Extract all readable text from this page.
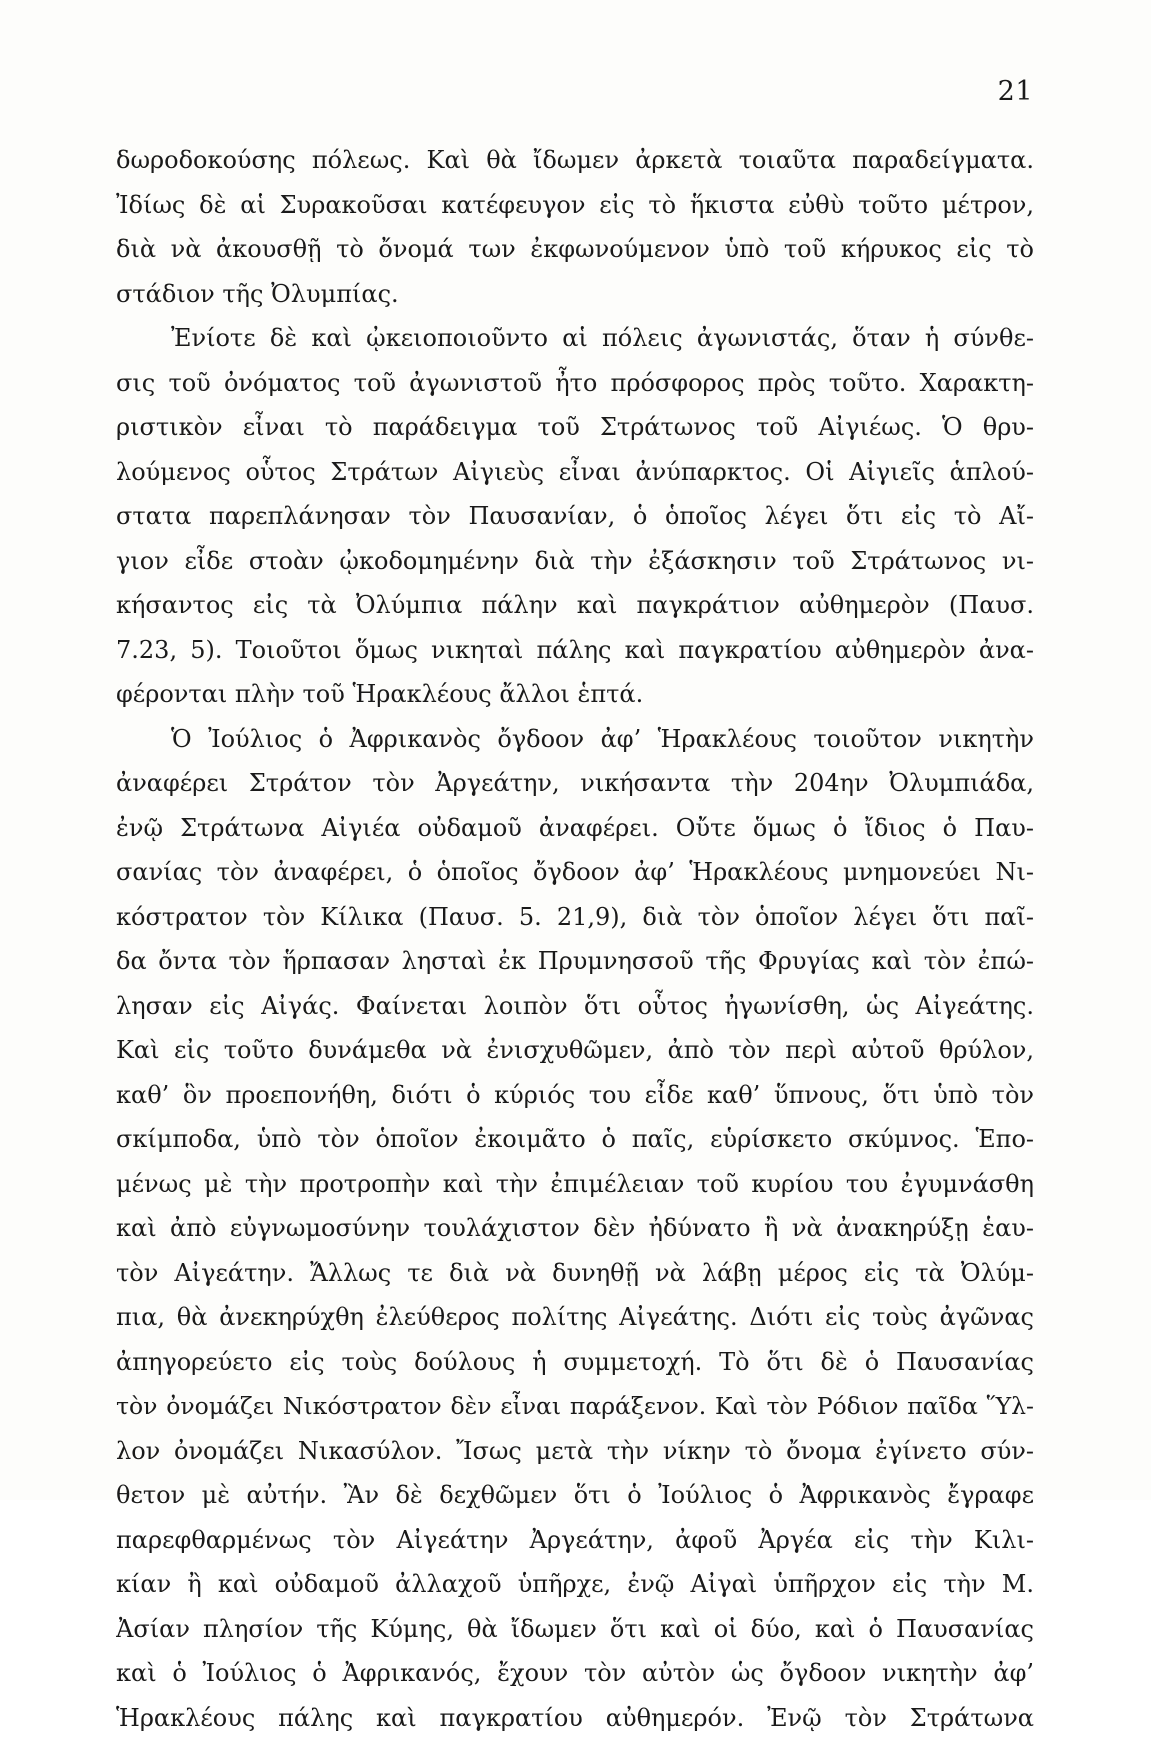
21
δωροδοκούσης πόλεως. Καὶ θὰ ἴδωμεν ἀρκετὰ τοιαῦτα παραδείγματα.
Ἰδίως δὲ αἱ Συρακοῦσαι κατέφευγον εἰς τὸ ἥκιστα εὐθὺ τοῦτο μέτρον,
διὰ νὰ ἀκουσθῇ τὸ ὄνομά των ἐκφωνούμενον ὑπὸ τοῦ κήρυκος εἰς τὸ
στάδιον τῆς Ὀλυμπίας.
Ἐνίοτε δὲ καὶ ᾠκειοποιοῦντο αἱ πόλεις ἀγωνιστάς, ὅταν ἡ σύνθε-
σις τοῦ ὀνόματος τοῦ ἀγωνιστοῦ ἦτο πρόσφορος πρὸς τοῦτο. Χαρακτη-
ριστικὸν εἶναι τὸ παράδειγμα τοῦ Στράτωνος τοῦ Αἰγιέως. Ὁ θρυ-
λούμενος οὗτος Στράτων Αἰγιεὺς εἶναι ἀνύπαρκτος. Οἱ Αἰγιεῖς ἁπλού-
στατα παρεπλάνησαν τὸν Παυσανίαν, ὁ ὁποῖος λέγει ὅτι εἰς τὸ Αἴ-
γιον εἶδε στοὰν ᾠκοδομημένην διὰ τὴν ἐξάσκησιν τοῦ Στράτωνος νι-
κήσαντος εἰς τὰ Ὀλύμπια πάλην καὶ παγκράτιον αὐθημερὸν (Παυσ.
7.23, 5). Τοιοῦτοι ὅμως νικηταὶ πάλης καὶ παγκρατίου αὐθημερὸν ἀνα-
φέρονται πλὴν τοῦ Ἡρακλέους ἄλλοι ἑπτά.
Ὁ Ἰούλιος ὁ Ἀφρικανὸς ὄγδοον ἀφ’ Ἡρακλέους τοιοῦτον νικητὴν
ἀναφέρει Στράτον τὸν Ἀργεάτην, νικήσαντα τὴν 204ην Ὀλυμπιάδα,
ἐνῷ Στράτωνα Αἰγιέα οὐδαμοῦ ἀναφέρει. Οὔτε ὅμως ὁ ἴδιος ὁ Παυ-
σανίας τὸν ἀναφέρει, ὁ ὁποῖος ὄγδοον ἀφ’ Ἡρακλέους μνημονεύει Νι-
κόστρατον τὸν Κίλικα (Παυσ. 5. 21,9), διὰ τὸν ὁποῖον λέγει ὅτι παῖ-
δα ὄντα τὸν ἥρπασαν λησταὶ ἐκ Πρυμνησσοῦ τῆς Φρυγίας καὶ τὸν ἐπώ-
λησαν εἰς Αἰγάς. Φαίνεται λοιπὸν ὅτι οὗτος ἠγωνίσθη, ὡς Αἰγεάτης.
Καὶ εἰς τοῦτο δυνάμεθα νὰ ἐνισχυθῶμεν, ἀπὸ τὸν περὶ αὐτοῦ θρύλον,
καθ’ ὃν προεπονήθη, διότι ὁ κύριός του εἶδε καθ’ ὕπνους, ὅτι ὑπὸ τὸν
σκίμποδα, ὑπὸ τὸν ὁποῖον ἐκοιμᾶτο ὁ παῖς, εὑρίσκετο σκύμνος. Ἑπο-
μένως μὲ τὴν προτροπὴν καὶ τὴν ἐπιμέλειαν τοῦ κυρίου του ἐγυμνάσθη
καὶ ἀπὸ εὐγνωμοσύνην τουλάχιστον δὲν ἠδύνατο ἢ νὰ ἀνακηρύξῃ ἑαυ-
τὸν Αἰγεάτην. Ἄλλως τε διὰ νὰ δυνηθῇ νὰ λάβῃ μέρος εἰς τὰ Ὀλύμ-
πια, θὰ ἀνεκηρύχθη ἐλεύθερος πολίτης Αἰγεάτης. Διότι εἰς τοὺς ἀγῶνας
ἀπηγορεύετο εἰς τοὺς δούλους ἡ συμμετοχή. Τὸ ὅτι δὲ ὁ Παυσανίας
τὸν ὀνομάζει Νικόστρατον δὲν εἶναι παράξενον. Καὶ τὸν Ρόδιον παῖδα Ὕλ-
λον ὀνομάζει Νικασύλον. Ἴσως μετὰ τὴν νίκην τὸ ὄνομα ἐγίνετο σύν-
θετον μὲ αὐτήν. Ἂν δὲ δεχθῶμεν ὅτι ὁ Ἰούλιος ὁ Ἀφρικανὸς ἔγραφε
παρεφθαρμένως τὸν Αἰγεάτην Ἀργεάτην, ἀφοῦ Ἀργέα εἰς τὴν Κιλι-
κίαν ἢ καὶ οὐδαμοῦ ἀλλαχοῦ ὑπῆρχε, ἐνῷ Αἰγαὶ ὑπῆρχον εἰς τὴν Μ.
Ἀσίαν πλησίον τῆς Κύμης, θὰ ἴδωμεν ὅτι καὶ οἱ δύο, καὶ ὁ Παυσανίας
καὶ ὁ Ἰούλιος ὁ Ἀφρικανός, ἔχουν τὸν αὐτὸν ὡς ὄγδοον νικητὴν ἀφ’
Ἡρακλέους πάλης καὶ παγκρατίου αὐθημερόν. Ἐνῷ τὸν Στράτωνα
